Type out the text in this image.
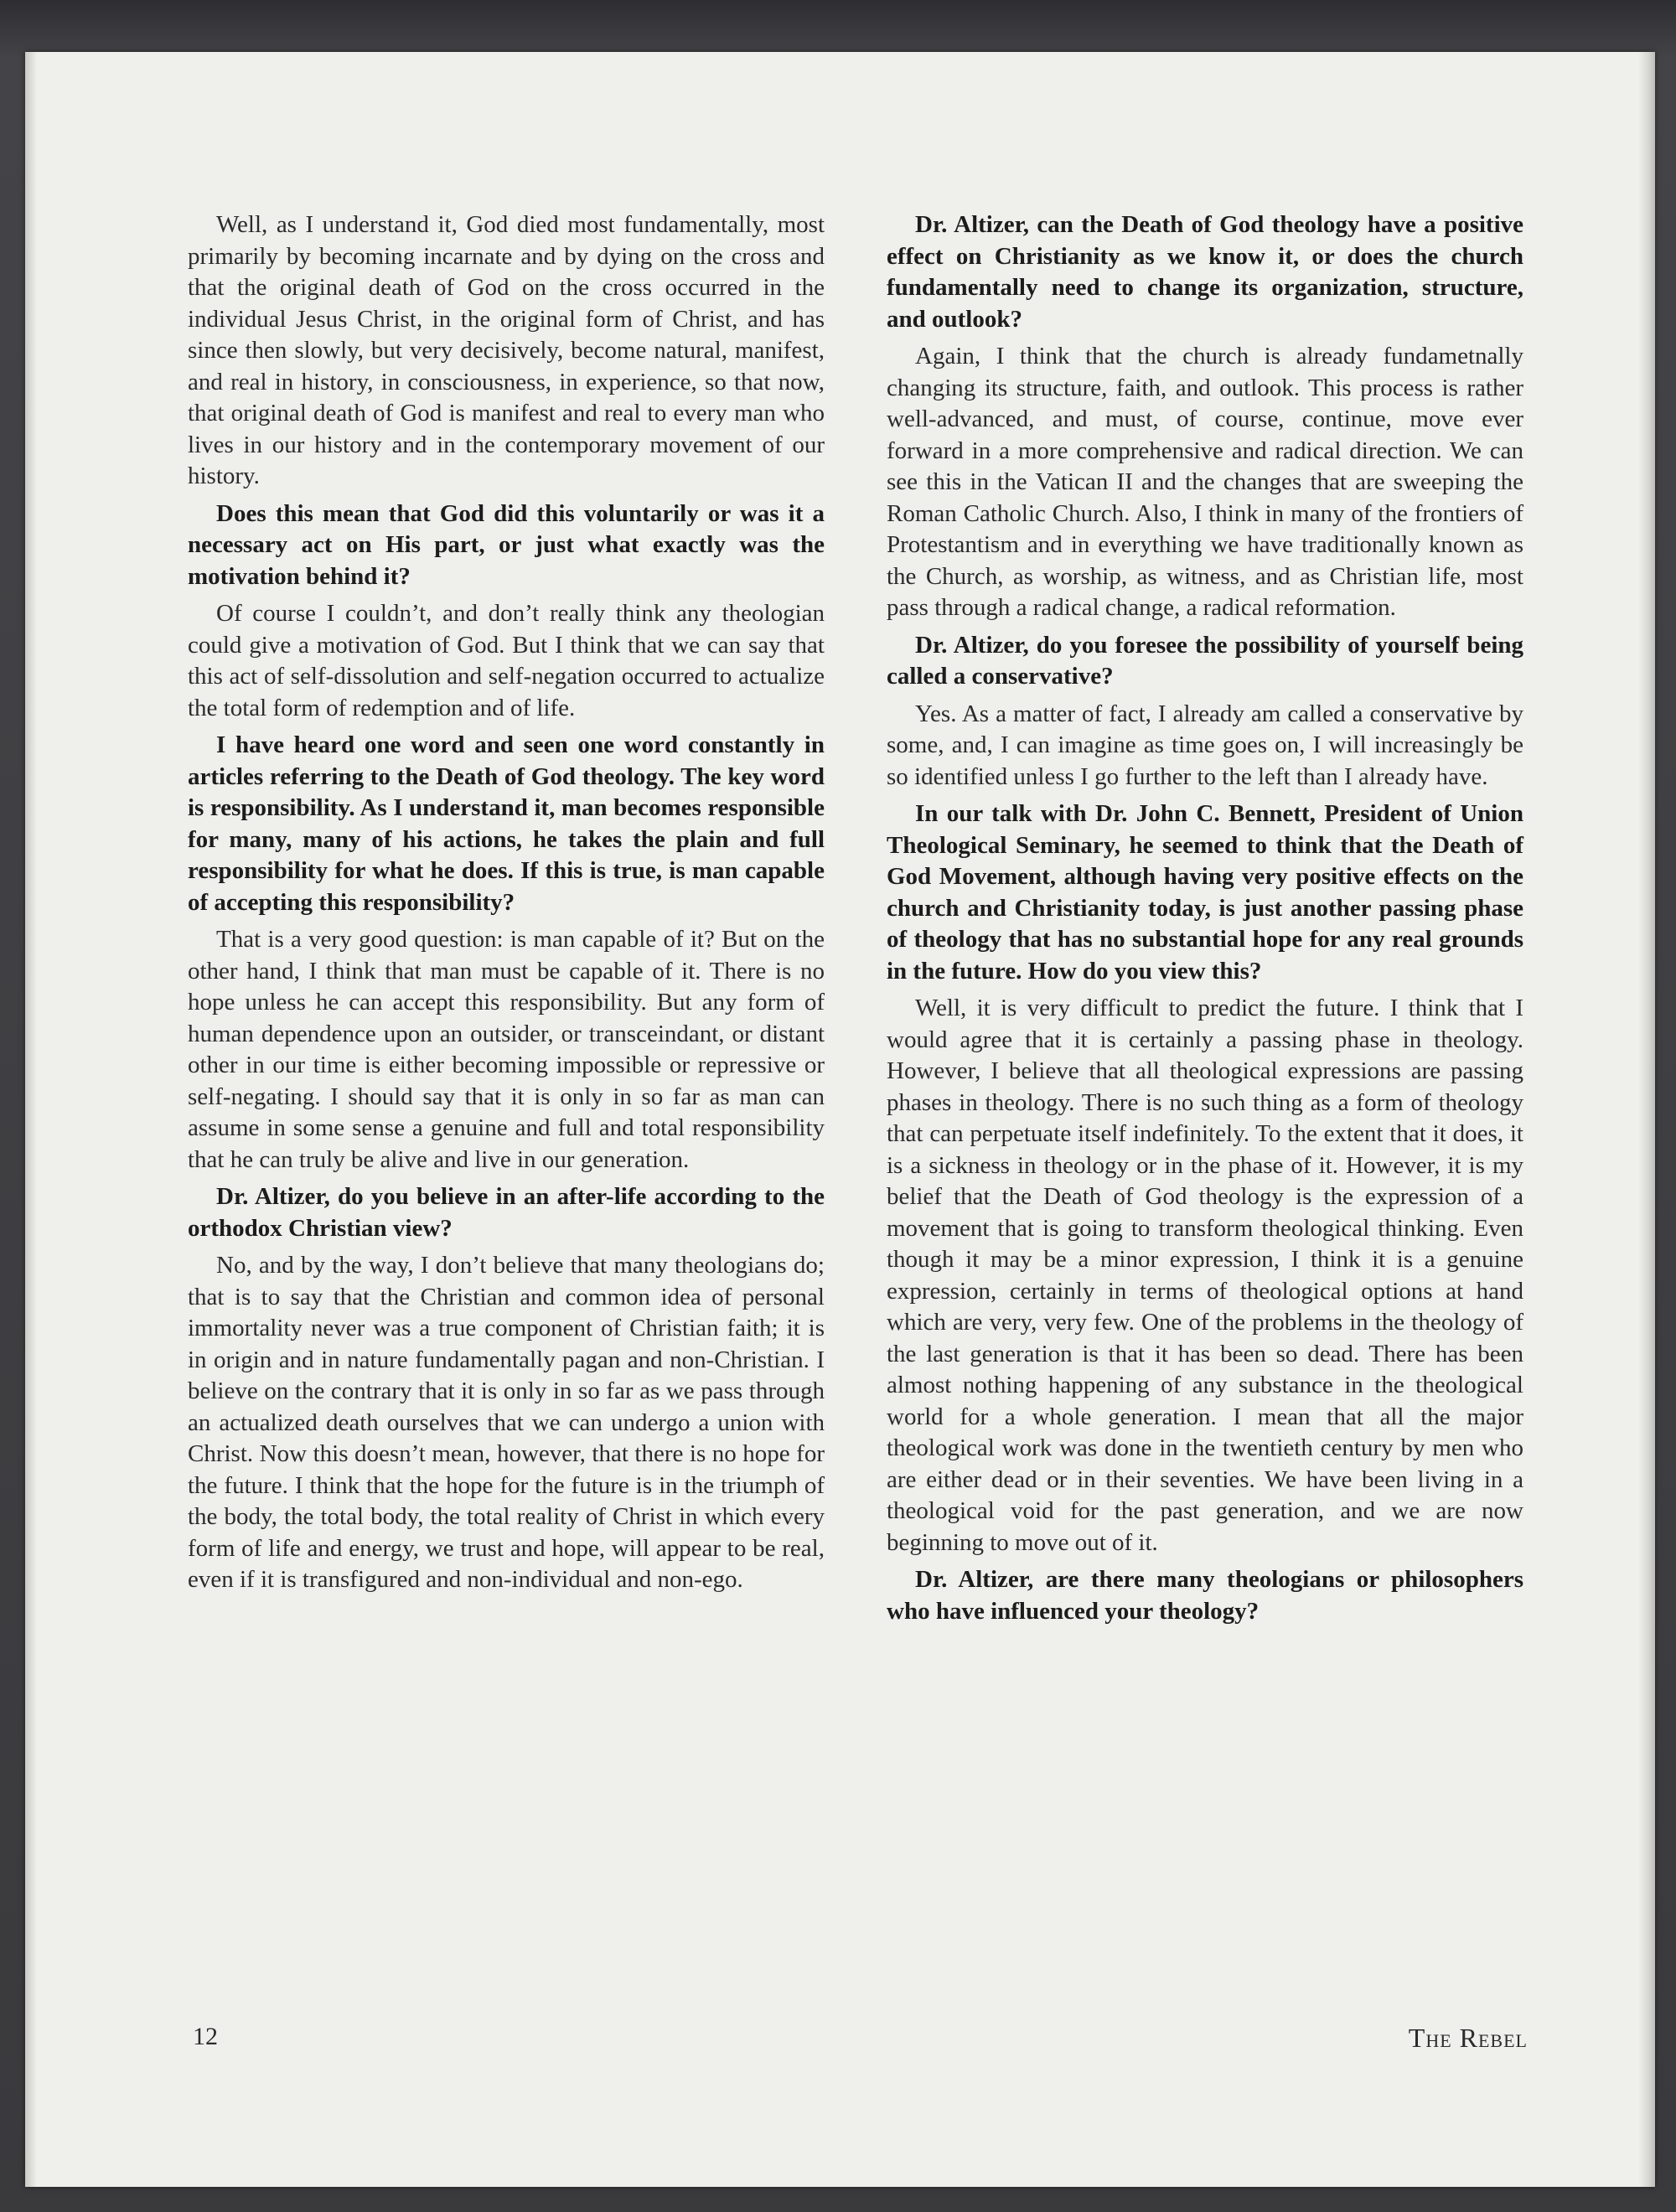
Well, as I understand it, God died most fundamentally, most primarily by becoming incarnate and by dying on the cross and that the original death of God on the cross occurred in the individual Jesus Christ, in the original form of Christ, and has since then slowly, but very decisively, become natural, manifest, and real in history, in consciousness, in experience, so that now, that original death of God is manifest and real to every man who lives in our history and in the contemporary movement of our history.

Does this mean that God did this voluntarily or was it a necessary act on His part, or just what exactly was the motivation behind it?

Of course I couldn’t, and don’t really think any theologian could give a motivation of God. But I think that we can say that this act of self-dissolution and self-negation occurred to actualize the total form of redemption and of life.

I have heard one word and seen one word constantly in articles referring to the Death of God theology. The key word is responsibility. As I understand it, man becomes responsible for many, many of his actions, he takes the plain and full responsibility for what he does. If this is true, is man capable of accepting this responsibility?

That is a very good question: is man capable of it? But on the other hand, I think that man must be capable of it. There is no hope unless he can accept this responsibility. But any form of human dependence upon an outsider, or transceindant, or distant other in our time is either becoming impossible or repressive or self-negating. I should say that it is only in so far as man can assume in some sense a genuine and full and total responsibility that he can truly be alive and live in our generation.

Dr. Altizer, do you believe in an after-life according to the orthodox Christian view?

No, and by the way, I don’t believe that many theologians do; that is to say that the Christian and common idea of personal immortality never was a true component of Christian faith; it is in origin and in nature fundamentally pagan and non-Christian. I believe on the contrary that it is only in so far as we pass through an actualized death ourselves that we can undergo a union with Christ. Now this doesn’t mean, however, that there is no hope for the future. I think that the hope for the future is in the triumph of the body, the total body, the total reality of Christ in which every form of life and energy, we trust and hope, will appear to be real, even if it is transfigured and non-individual and non-ego.

Dr. Altizer, can the Death of God theology have a positive effect on Christianity as we know it, or does the church fundamentally need to change its organization, structure, and outlook?

Again, I think that the church is already fundametnally changing its structure, faith, and outlook. This process is rather well-advanced, and must, of course, continue, move ever forward in a more comprehensive and radical direction. We can see this in the Vatican II and the changes that are sweeping the Roman Catholic Church. Also, I think in many of the frontiers of Protestantism and in everything we have traditionally known as the Church, as worship, as witness, and as Christian life, most pass through a radical change, a radical reformation.

Dr. Altizer, do you foresee the possibility of yourself being called a conservative?

Yes. As a matter of fact, I already am called a conservative by some, and, I can imagine as time goes on, I will increasingly be so identified unless I go further to the left than I already have.

In our talk with Dr. John C. Bennett, President of Union Theological Seminary, he seemed to think that the Death of God Movement, although having very positive effects on the church and Christianity today, is just another passing phase of theology that has no substantial hope for any real grounds in the future. How do you view this?

Well, it is very difficult to predict the future. I think that I would agree that it is certainly a passing phase in theology. However, I believe that all theological expressions are passing phases in theology. There is no such thing as a form of theology that can perpetuate itself indefinitely. To the extent that it does, it is a sickness in theology or in the phase of it. However, it is my belief that the Death of God theology is the expression of a movement that is going to transform theological thinking. Even though it may be a minor expression, I think it is a genuine expression, certainly in terms of theological options at hand which are very, very few. One of the problems in the theology of the last generation is that it has been so dead. There has been almost nothing happening of any substance in the theological world for a whole generation. I mean that all the major theological work was done in the twentieth century by men who are either dead or in their seventies. We have been living in a theological void for the past generation, and we are now beginning to move out of it.

Dr. Altizer, are there many theologians or philosophers who have influenced your theology?

12	The Rebel
